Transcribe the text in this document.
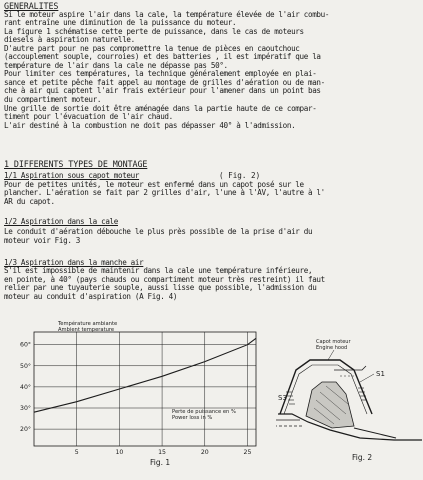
GENERALITES
Si le moteur aspire l'air dans la cale, la température élevée de l'air combu-
rant entraîne une diminution de la puissance du moteur.
La figure 1 schématise cette perte de puissance, dans le cas de moteurs
diesels à aspiration naturelle.
D'autre part pour ne pas compromettre la tenue de pièces en caoutchouc
(accouplement souple, courroies) et des batteries , il est impératif que la
température de l'air dans la cale ne dépasse pas 50°.
Pour limiter ces températures, la technique généralement employée en plai-
sance et petite pêche fait appel au montage de grilles d'aération ou de man-
che à air qui captent l'air frais extérieur pour l'amener dans un point bas
du compartiment moteur.
Une grille de sortie doit être aménagée dans la partie haute de ce compar-
timent pour l'évacuation de l'air chaud.
L'air destiné à la combustion ne doit pas dépasser 40° à l'admission.
1 DIFFERENTS TYPES DE MONTAGE
1/1 Aspiration sous capot moteur	( Fig. 2)
Pour de petites unités, le moteur est enfermé dans un capot posé sur le
plancher. L'aération se fait par 2 grilles d'air, l'une à l'AV, l'autre à l'
AR du capot.
1/2 Aspiration dans la cale
Le conduit d'aération débouche le plus près possible de la prise d'air du
moteur voir Fig. 3
1/3 Aspiration dans la manche air
S'il est impossible de maintenir dans la cale une température inférieure,
en pointe, à 40° (pays chauds ou compartiment moteur très restreint) il faut
relier par une tuyauterie souple, aussi lisse que possible, l'admission du
moteur au conduit d'aspiration (A Fig. 4)
5	10	15	20	25
20°
30°
40°
50°
60°
Température ambiante
Ambient temperature
Perte de puissance en %
Power loss in %
Fig. 1
Capot moteur
Engine hood
S1
S3
Fig. 2
